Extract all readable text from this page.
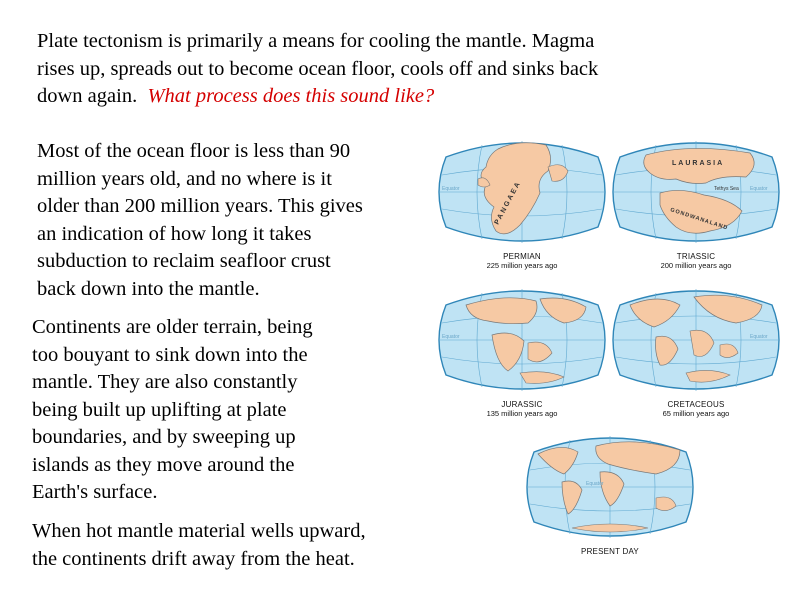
Plate tectonism is primarily a means for cooling the mantle. Magma
rises up, spreads out to become ocean floor, cools off and sinks back
down again.  What process does this sound like?

Most of the ocean floor is less than 90
million years old, and no where is it
older than 200 million years. This gives
an indication of how long it takes
subduction to reclaim seafloor crust
back down into the mantle.

Continents are older terrain, being
too bouyant to sink down into the
mantle. They are also constantly
being built up uplifting at plate
boundaries, and by sweeping up
islands as they move around the
Earth's surface.

When hot mantle material wells upward,
the continents drift away from the heat.

Equator	PANGAEA
PERMIAN
225 million years ago
Equator
LAURASIA
Tethys Sea
GONDWANALAND
TRIASSIC
200 million years ago
Equator
JURASSIC
135 million years ago
Equator
CRETACEOUS
65 million years ago
Equator
PRESENT DAY
